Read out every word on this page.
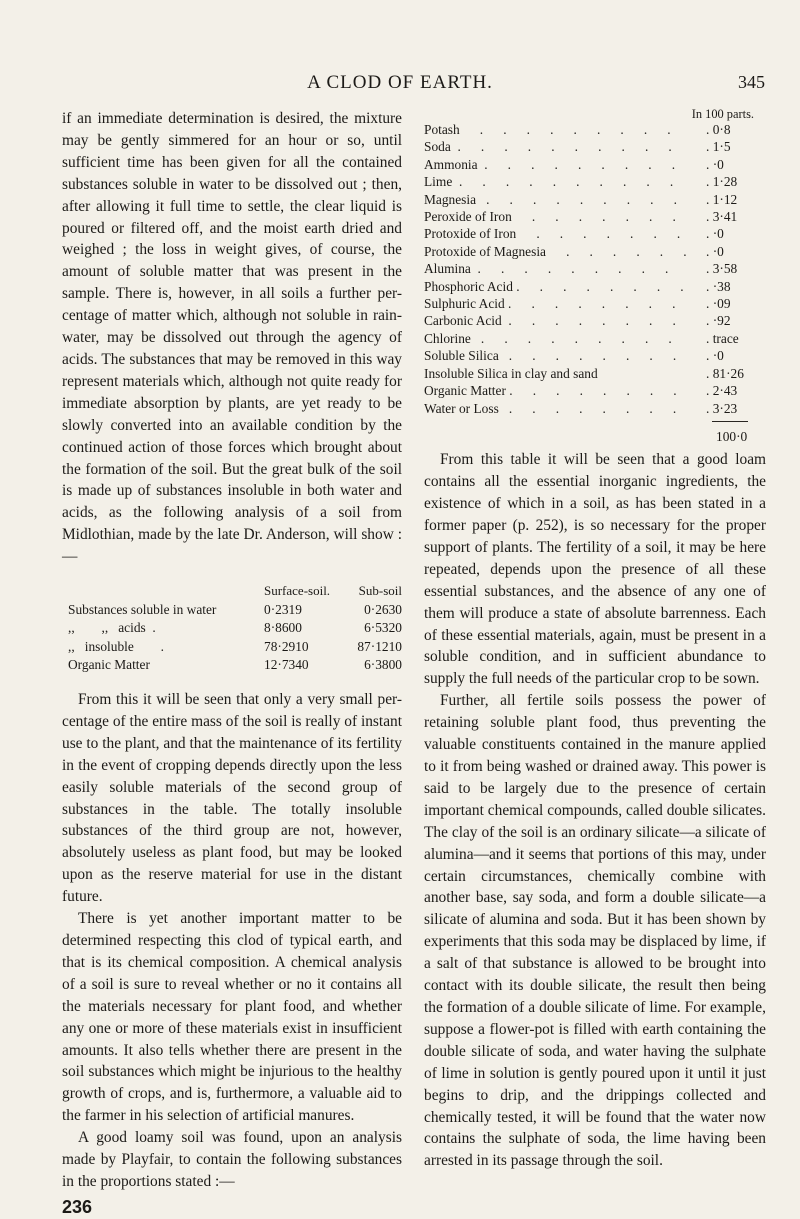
A CLOD OF EARTH.	345

if an immediate determination is desired, the mixture may be gently simmered for an hour or so, until sufficient time has been given for all the contained substances soluble in water to be dissolved out ; then, after allowing it full time to settle, the clear liquid is poured or filtered off, and the moist earth dried and weighed ; the loss in weight gives, of course, the amount of soluble matter that was present in the sample. There is, however, in all soils a further per-centage of matter which, although not soluble in rain-water, may be dissolved out through the agency of acids. The substances that may be removed in this way represent materials which, although not quite ready for immediate absorption by plants, are yet ready to be slowly converted into an available condition by the continued action of those forces which brought about the formation of the soil. But the great bulk of the soil is made up of substances insoluble in both water and acids, as the following analysis of a soil from Midlothian, made by the late Dr. Anderson, will show :—

Surface-soil.	Sub-soil
Substances soluble in water	0·2319	0·2630
,,        ,,   acids  .	8·8600	6·5320
,,   insoluble        .	78·2910	87·1210
Organic Matter	12·7340	6·3800

From this it will be seen that only a very small per-centage of the entire mass of the soil is really of instant use to the plant, and that the maintenance of its fertility in the event of cropping depends directly upon the less easily soluble materials of the second group of substances in the table. The totally insoluble substances of the third group are not, however, absolutely useless as plant food, but may be looked upon as the reserve material for use in the distant future.

There is yet another important matter to be determined respecting this clod of typical earth, and that is its chemical composition. A chemical analysis of a soil is sure to reveal whether or no it contains all the materials necessary for plant food, and whether any one or more of these materials exist in insufficient amounts. It also tells whether there are present in the soil substances which might be injurious to the healthy growth of crops, and is, furthermore, a valuable aid to the farmer in his selection of artificial manures.

A good loamy soil was found, upon an analysis made by Playfair, to contain the following substances in the proportions stated :—

236
In 100 parts.
Potash      .      .      .      .      .      .      .      .      .	. 0·8
Soda  .      .      .      .      .      .      .      .      .      .	. 1·5
Ammonia  .      .      .      .      .      .      .      .      .	. ·0
Lime  .      .      .      .      .      .      .      .      .      .	. 1·28
Magnesia   .      .      .      .      .      .      .      .      .	. 1·12
Peroxide of Iron      .      .      .      .      .      .      .	. 3·41
Protoxide of Iron      .      .      .      .      .      .      .	. ·0
Protoxide of Magnesia      .      .      .      .      .      .	. ·0
Alumina  .      .      .      .      .      .      .      .      .	. 3·58
Phosphoric Acid .      .      .      .      .      .      .      .	. ·38
Sulphuric Acid .      .      .      .      .      .      .      .	. ·09
Carbonic Acid  .      .      .      .      .      .      .      .	. ·92
Chlorine   .      .      .      .      .      .      .      .      .	. trace
Soluble Silica   .      .      .      .      .      .      .      .	. ·0
Insoluble Silica in clay and sand	. 81·26
Organic Matter .      .      .      .      .      .      .      .	. 2·43
Water or Loss   .      .      .      .      .      .      .      .	. 3·23
100·0

From this table it will be seen that a good loam contains all the essential inorganic ingredients, the existence of which in a soil, as has been stated in a former paper (p. 252), is so necessary for the proper support of plants. The fertility of a soil, it may be here repeated, depends upon the presence of all these essential substances, and the absence of any one of them will produce a state of absolute barrenness. Each of these essential materials, again, must be present in a soluble condition, and in sufficient abundance to supply the full needs of the particular crop to be sown.

Further, all fertile soils possess the power of retaining soluble plant food, thus preventing the valuable constituents contained in the manure applied to it from being washed or drained away. This power is said to be largely due to the presence of certain important chemical compounds, called double silicates. The clay of the soil is an ordinary silicate—a silicate of alumina—and it seems that portions of this may, under certain circumstances, chemically combine with another base, say soda, and form a double silicate—a silicate of alumina and soda. But it has been shown by experiments that this soda may be displaced by lime, if a salt of that substance is allowed to be brought into contact with its double silicate, the result then being the formation of a double silicate of lime. For example, suppose a flower-pot is filled with earth containing the double silicate of soda, and water having the sulphate of lime in solution is gently poured upon it until it just begins to drip, and the drippings collected and chemically tested, it will be found that the water now contains the sulphate of soda, the lime having been arrested in its passage through the soil.
